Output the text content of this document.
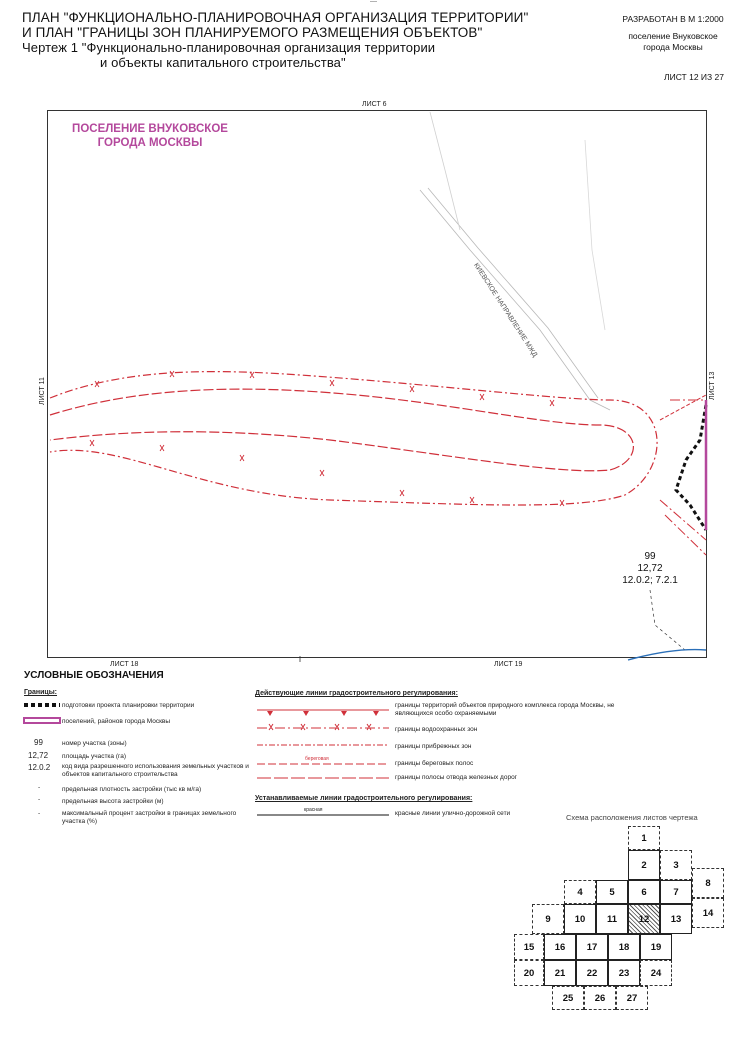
—
ПЛАН "ФУНКЦИОНАЛЬНО-ПЛАНИРОВОЧНАЯ ОРГАНИЗАЦИЯ ТЕРРИТОРИИ"
И ПЛАН "ГРАНИЦЫ ЗОН ПЛАНИРУЕМОГО РАЗМЕЩЕНИЯ ОБЪЕКТОВ"
Чертеж 1 "Функционально-планировочная организация территории
и объекты капитального строительства"
РАЗРАБОТАН В М 1:2000
поселение Внуковское
города Москвы
ЛИСТ 12 ИЗ 27
ЛИСТ 6
ЛИСТ 11	ЛИСТ 13
ЛИСТ 18	ЛИСТ 19
ПОСЕЛЕНИЕ ВНУКОВСКОЕ
ГОРОДА МОСКВЫ
КИЕВСКОЕ НАПРАВЛЕНИЕ МЖД
99
12,72
12.0.2; 7.2.1
УСЛОВНЫЕ ОБОЗНАЧЕНИЯ
Границы:
подготовки проекта планировки территории
поселений, районов города Москвы
99	номер участка (зоны)
12,72 площадь участка (га)
12.0.2 код вида разрешенного использования земельных участков и объектов капитального строительства
-	предельная плотность застройки (тыс кв м/га)
-	предельная высота застройки (м)
-	максимальный процент застройки в границах земельного участка (%)
Действующие линии градостроительного регулирования:
границы территорий объектов природного комплекса города Москвы, не являющихся особо охраняемыми
границы водоохранных зон
границы прибрежных зон
границы береговых полос
береговая
границы полосы отвода железных дорог
Устанавливаемые линии градостроительного регулирования:
красная	красные линии улично-дорожной сети	Схема расположения листов чертежа
1
2	3
4	5	6	7
8
9	10	11	12	13
14
15	16	17	18	19
20	21	22	23	24
25	26	27
